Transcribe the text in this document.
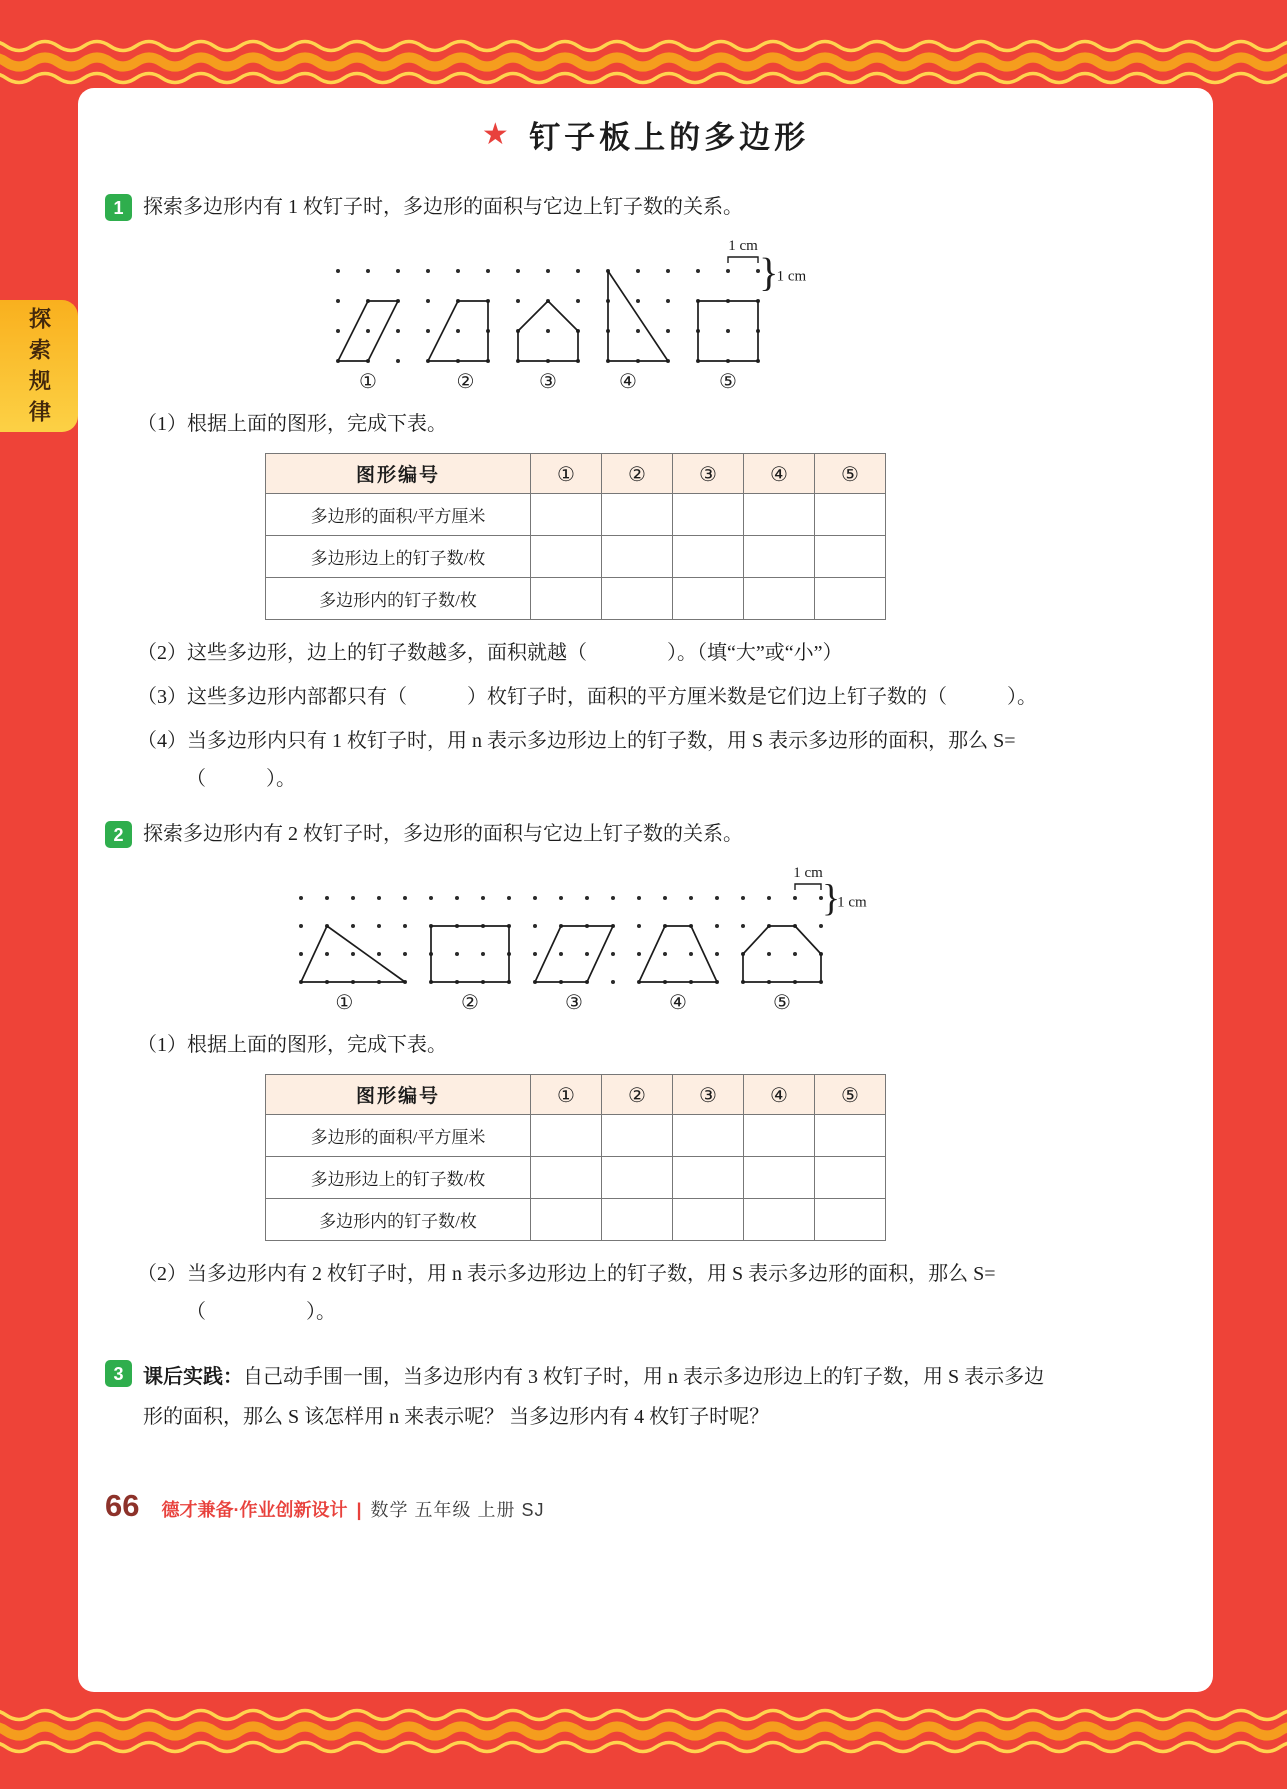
探索规律
★ 钉子板上的多边形
1 探索多边形内有 1 枚钉子时，多边形的面积与它边上钉子数的关系。
①	②	③	④	⑤
1 cm
}
1 cm
（1）根据上面的图形，完成下表。
图形编号	①	②	③	④	⑤
多边形的面积/平方厘米					
多边形边上的钉子数/枚					
多边形内的钉子数/枚					
（2）这些多边形，边上的钉子数越多，面积就越（　　　　）。（填“大”或“小”）
（3）这些多边形内部都只有（　　　）枚钉子时，面积的平方厘米数是它们边上钉子数的（　　　）。
（4）当多边形内只有 1 枚钉子时，用 n 表示多边形边上的钉子数，用 S 表示多边形的面积，那么 S=（　　　）。
2 探索多边形内有 2 枚钉子时，多边形的面积与它边上钉子数的关系。
①	②	③	④	⑤
1 cm
}
1 cm
（1）根据上面的图形，完成下表。
图形编号	①	②	③	④	⑤
多边形的面积/平方厘米					
多边形边上的钉子数/枚					
多边形内的钉子数/枚					
（2）当多边形内有 2 枚钉子时，用 n 表示多边形边上的钉子数，用 S 表示多边形的面积，那么 S=（　　　　　）。
3 课后实践：自己动手围一围，当多边形内有 3 枚钉子时，用 n 表示多边形边上的钉子数，用 S 表示多边形的面积，那么 S 该怎样用 n 来表示呢？ 当多边形内有 4 枚钉子时呢？
66 德才兼备·作业创新设计 | 数学 五年级 上册 SJ
